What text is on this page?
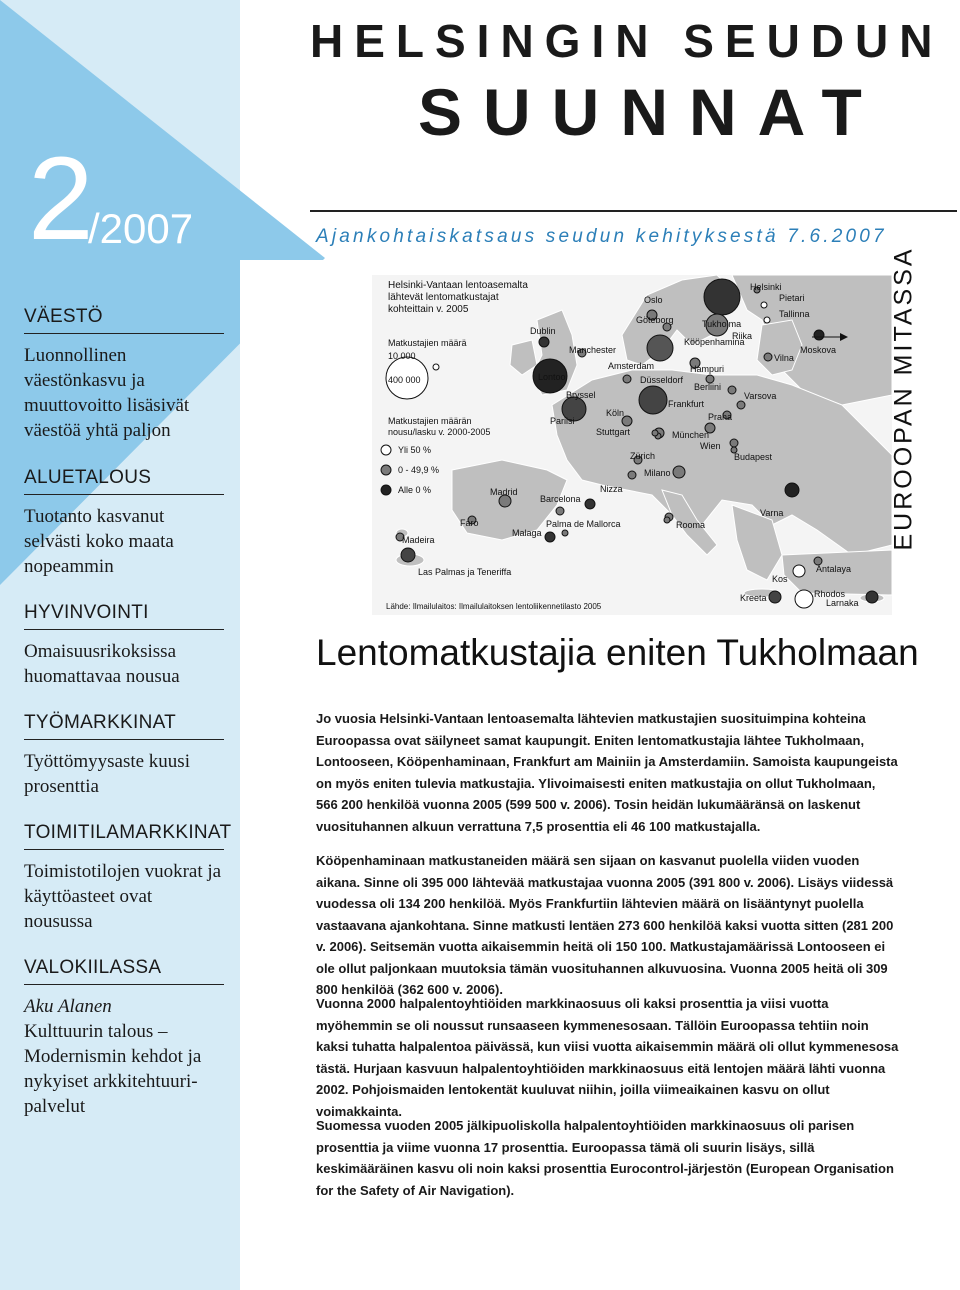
HELSINGIN SEUDUN
SUUNNAT
2
/2007	Ajankohtaiskatsaus seudun kehityksestä 7.6.2007
VÄESTÖ
Luonnollinen väestönkasvu ja muuttovoitto lisäsivät väestöä yhtä paljon
ALUETALOUS
Tuotanto kasvanut selvästi koko maata nopeammin
HYVINVOINTI
Omaisuusrikoksissa huomattavaa nousua
TYÖMARKKINAT
Työttömyysaste kuusi prosenttia
TOIMITILAMARKKINAT
Toimistotilojen vuokrat ja käyttöasteet ovat nousussa
VALOKIILASSA
Aku Alanen
Kulttuurin talous – Modernismin kehdot ja nykyiset arkkitehtuuripalvelut
Helsinki-Vantaan lentoasemalta lähtevät lentomatkustajat kohteittain v. 2005
Matkustajien määrä
10 000
400 000
Matkustajien määrän nousu/lasku v. 2000-2005
Yli 50 %
0 - 49,9 %
Alle 0 %
Lähde: Ilmailulaitos: Ilmailulaitoksen lentoliikennetilasto 2005
Helsinki
Pietari
Tallinna
Moskova
Oslo
Göteborg	Tukholma
Riika
Kööpenhamina
Vilna
Dublin
Manchester
Amsterdam	Hampuri
Düsseldorf
Berliini
Varsova
Lontoo
Bryssel
Frankfurt
Köln	Praha
Pariisi
Stuttgart	München
Wien
Budapest
Zürich
Milano
Nizza
Madrid
Barcelona
Varna
Faro
Malaga
Palma de Mallorca	Rooma
Madeira
Las Palmas ja Teneriffa
Kos
Antalaya
Kreeta	Rhodos
Larnaka
EUROOPAN MITASSA
Lentomatkustajia eniten Tukholmaan
Jo vuosia Helsinki-Vantaan lentoasemalta lähtevien matkustajien suosituimpina kohteina Euroopassa ovat säilyneet samat kaupungit. Eniten lentomatkustajia lähtee Tukholmaan, Lontooseen, Kööpenhaminaan, Frankfurt am Mainiin ja Amsterdamiin. Samoista kaupungeista on myös eniten tulevia matkustajia. Ylivoimaisesti eniten matkustajia on ollut Tukholmaan, 566 200 henkilöä vuonna 2005 (599 500 v. 2006). Tosin heidän lukumääränsä on laskenut vuosituhannen alkuun verrattuna 7,5 prosenttia eli 46 100 matkustajalla.
Kööpenhaminaan matkustaneiden määrä sen sijaan on kasvanut puolella viiden vuoden aikana. Sinne oli 395 000 lähtevää matkustajaa vuonna 2005 (391 800 v. 2006). Lisäys viidessä vuodessa oli 134 200 henkilöä. Myös Frankfurtiin lähtevien määrä on lisääntynyt puolella vastaavana ajankohtana. Sinne matkusti lentäen 273 600 henkilöä kaksi vuotta sitten (281 200 v. 2006). Seitsemän vuotta aikaisemmin heitä oli 150 100. Matkustajamäärissä Lontooseen ei ole ollut paljonkaan muutoksia tämän vuosituhannen alkuvuosina. Vuonna 2005 heitä oli 309 800 henkilöä (362 600 v. 2006).
Vuonna 2000 halpalentoyhtiöiden markkinaosuus oli kaksi prosenttia ja viisi vuotta myöhemmin se oli noussut runsaaseen kymmenesosaan. Tällöin Euroopassa tehtiin noin kaksi tuhatta halpalentoa päivässä, kun viisi vuotta aikaisemmin määrä oli ollut kymmenesosa tästä. Hurjaan kasvuun halpalentoyhtiöiden markkinaosuus eitä lentojen määrä lähti vuonna 2002. Pohjoismaiden lentokentät kuuluvat niihin, joilla viimeaikainen kasvu on ollut voimakkainta.
Suomessa vuoden 2005 jälkipuoliskolla halpalentoyhtiöiden markkinaosuus oli parisen prosenttia ja viime vuonna 17 prosenttia. Euroopassa tämä oli suurin lisäys, sillä keskimääräinen kasvu oli noin kaksi prosenttia Eurocontrol-järjestön (European Organisation for the Safety of Air Navigation).
